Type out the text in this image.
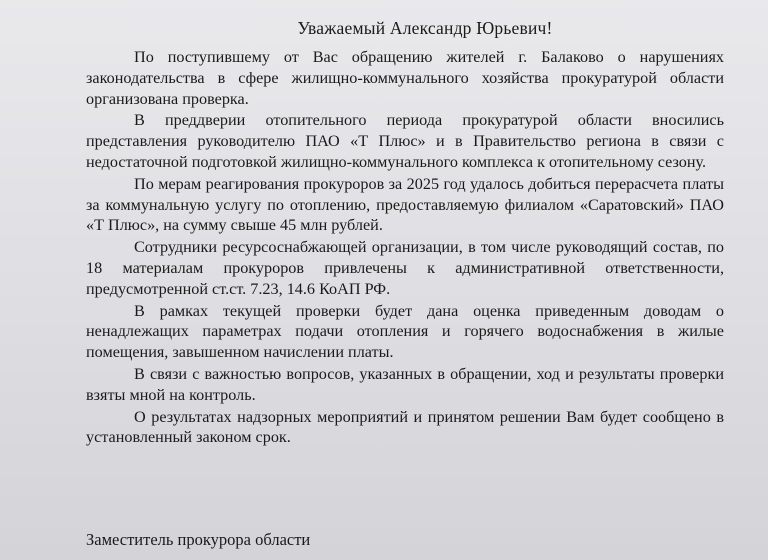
Уважаемый Александр Юрьевич!

По поступившему от Вас обращению жителей г. Балаково о нарушениях законодательства в сфере жилищно-коммунального хозяйства прокуратурой области организована проверка.

В преддверии отопительного периода прокуратурой области вносились представления руководителю ПАО «Т Плюс» и в Правительство региона в связи с недостаточной подготовкой жилищно-коммунального комплекса к отопительному сезону.

По мерам реагирования прокуроров за 2025 год удалось добиться перерасчета платы за коммунальную услугу по отоплению, предоставляемую филиалом «Саратовский» ПАО «Т Плюс», на сумму свыше 45 млн рублей.

Сотрудники ресурсоснабжающей организации, в том числе руководящий состав, по 18 материалам прокуроров привлечены к административной ответственности, предусмотренной ст.ст. 7.23, 14.6 КоАП РФ.

В рамках текущей проверки будет дана оценка приведенным доводам о ненадлежащих параметрах подачи отопления и горячего водоснабжения в жилые помещения, завышенном начислении платы.

В связи с важностью вопросов, указанных в обращении, ход и результаты проверки взяты мной на контроль.

О результатах надзорных мероприятий и принятом решении Вам будет сообщено в установленный законом срок.

Заместитель прокурора области
